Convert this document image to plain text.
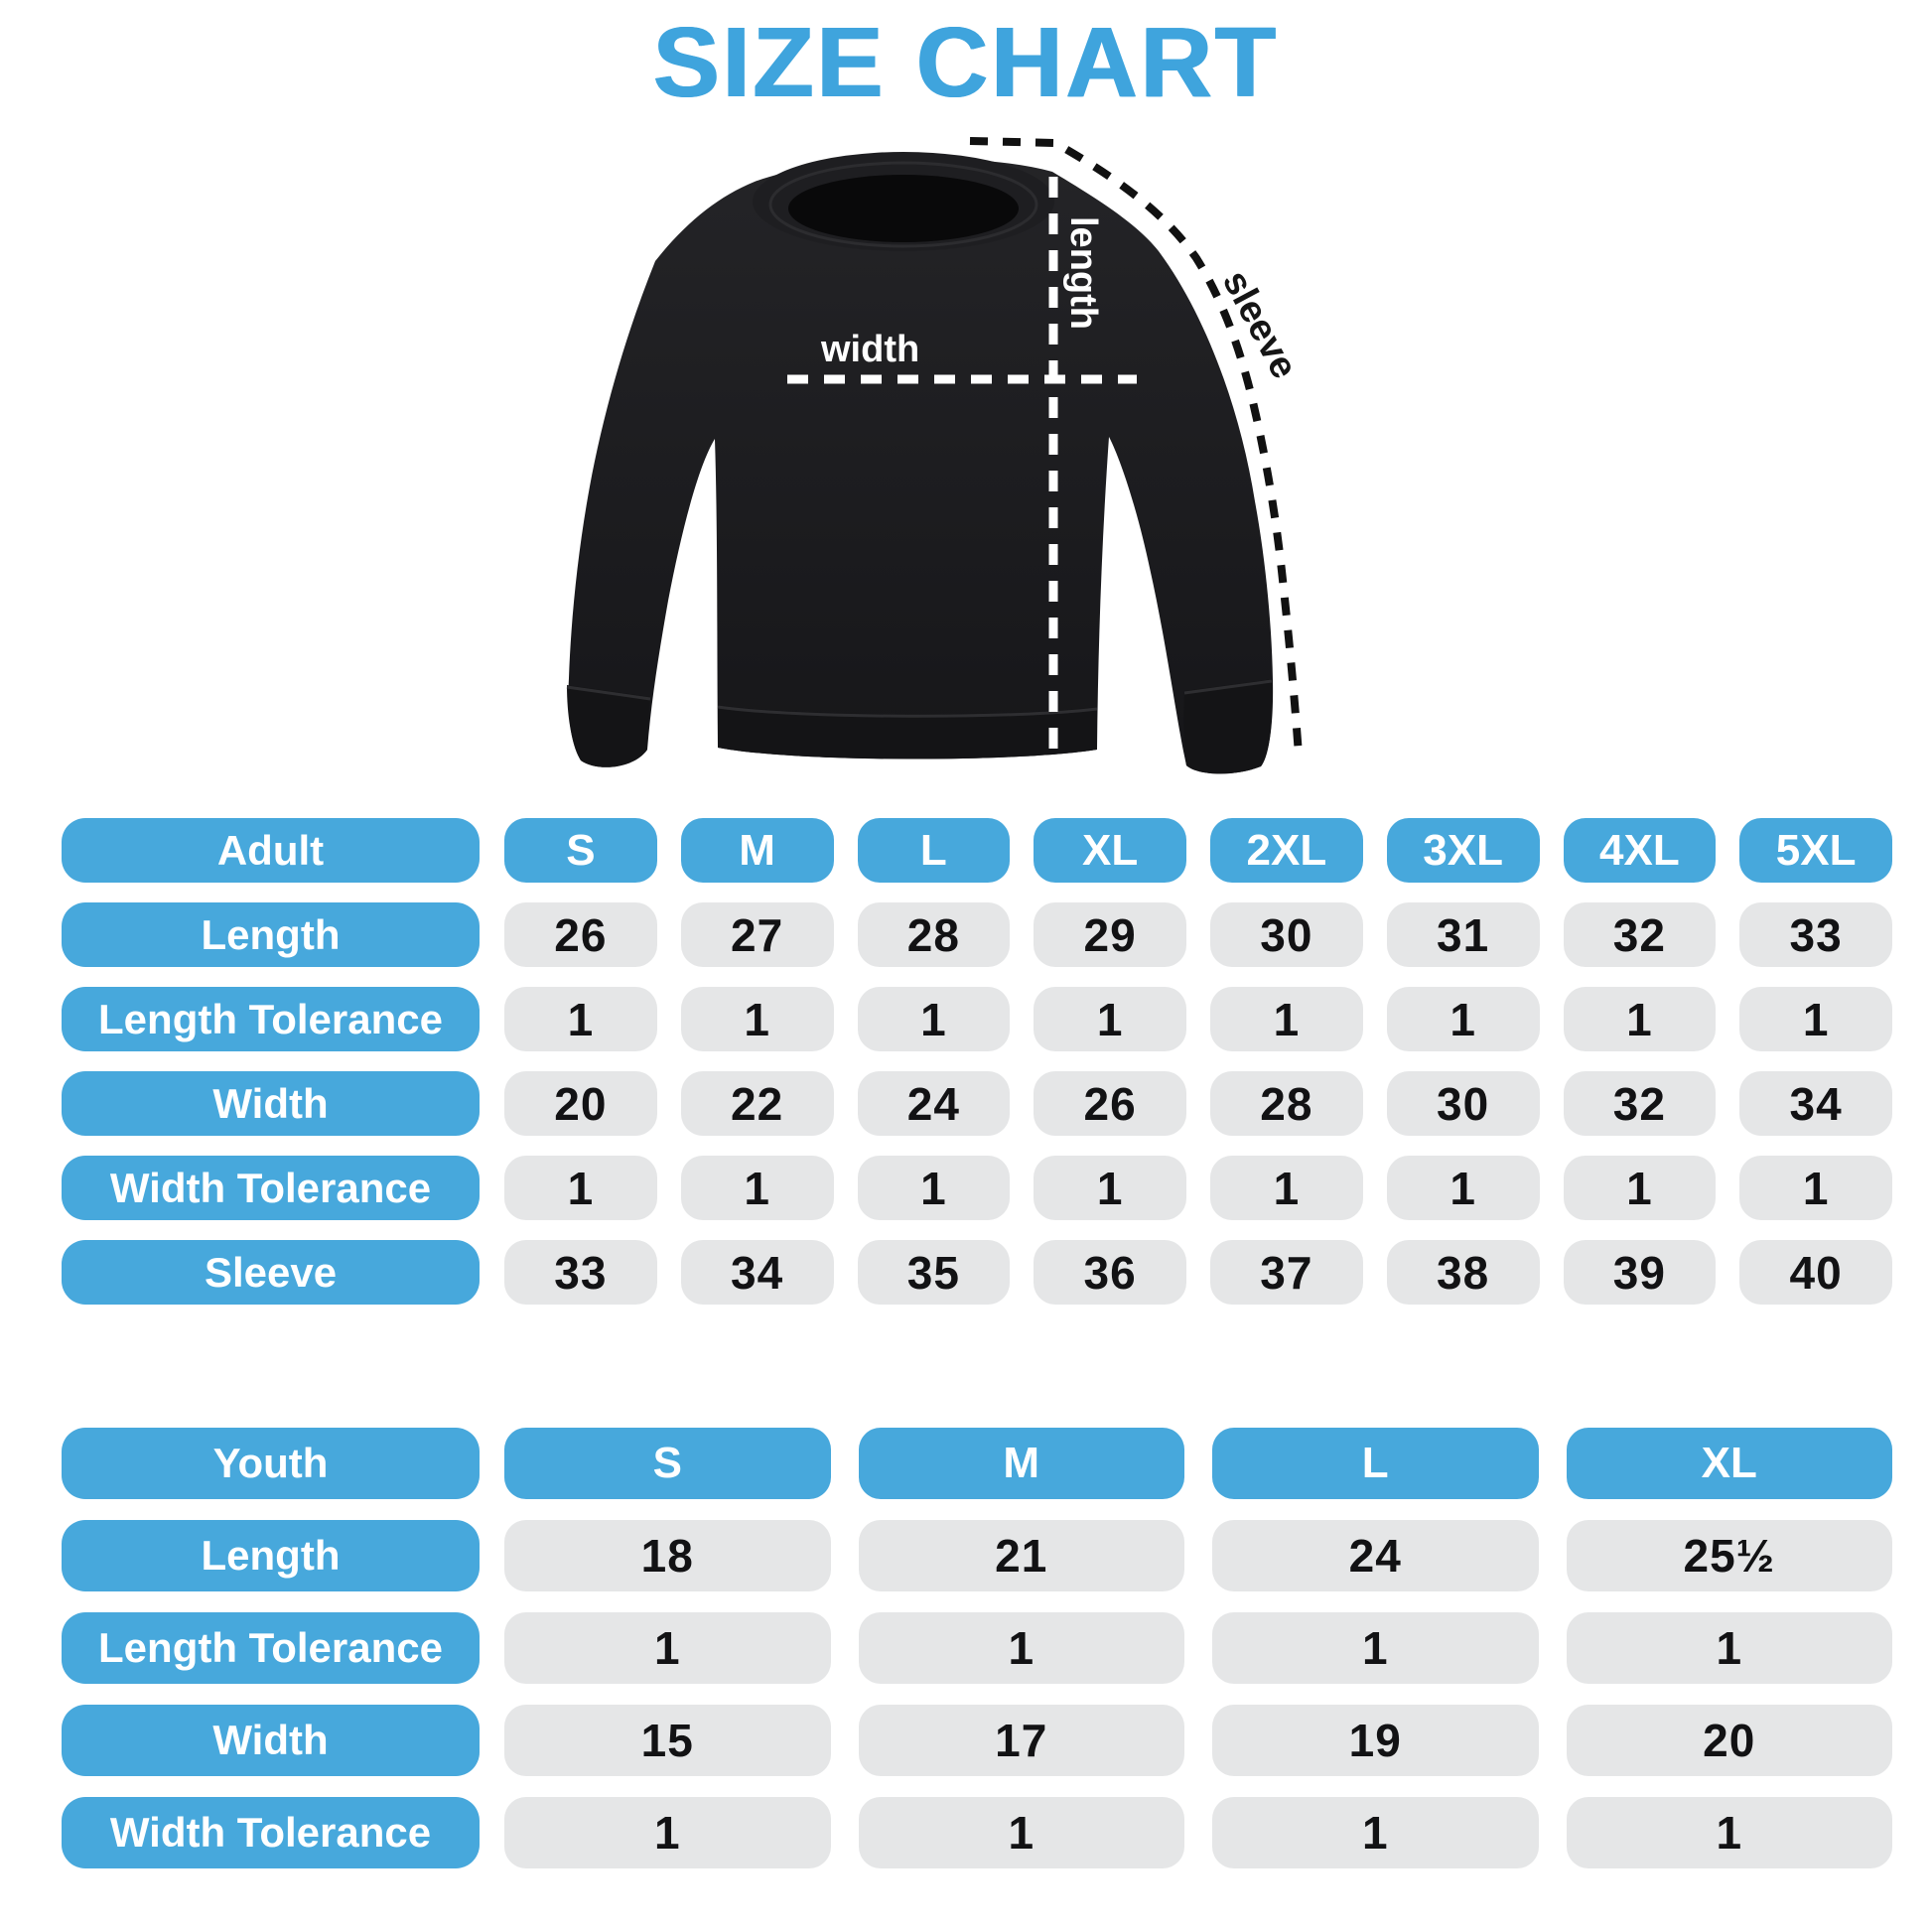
SIZE CHART
width
length	sleeve
Adult	S	M	L	XL	2XL	3XL	4XL	5XL
Length	26	27	28	29	30	31	32	33
Length Tolerance	1	1	1	1	1	1	1	1
Width	20	22	24	26	28	30	32	34
Width Tolerance	1	1	1	1	1	1	1	1
Sleeve	33	34	35	36	37	38	39	40
Youth	S	M	L	XL
Length	18	21	24	25½
Length Tolerance	1	1	1	1
Width	15	17	19	20
Width Tolerance	1	1	1	1
